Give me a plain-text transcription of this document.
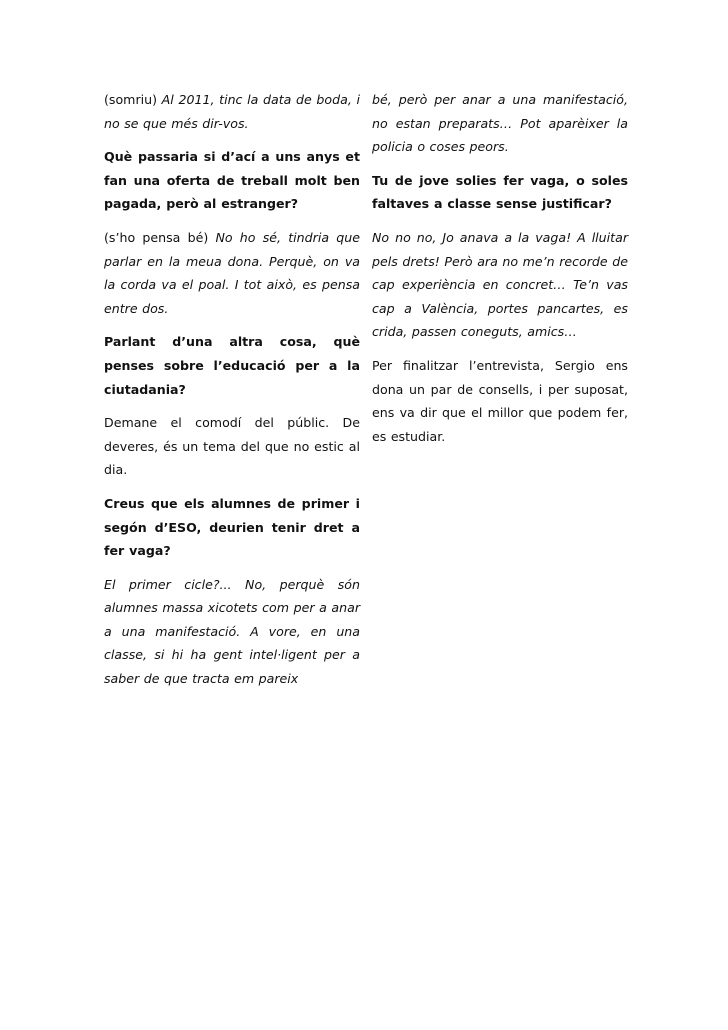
(somriu) Al 2011, tinc la data de boda, i no se que més dir-vos.

Què passaria si d’ací a uns anys et fan una oferta de treball molt ben pagada, però al estranger?

(s’ho pensa bé) No ho sé, tindria que parlar en la meua dona. Perquè, on va la corda va el poal. I tot això, es pensa entre dos.

Parlant d’una altra cosa, què penses sobre l’educació per a la ciutadania?

Demane el comodí del públic. De deveres, és un tema del que no estic al dia.

Creus que els alumnes de primer i segón d’ESO, deurien tenir dret a fer vaga?

El primer cicle?... No, perquè són alumnes massa xicotets com per a anar a una manifestació. A vore, en una classe, si hi ha gent intel·ligent per a saber de que tracta em pareix

bé, però per anar a una manifestació, no estan preparats… Pot aparèixer la policia o coses peors.

Tu de jove solies fer vaga, o soles faltaves a classe sense justificar?

No no no, Jo anava a la vaga! A lluitar pels drets! Però ara no me’n recorde de cap experiència en concret… Te’n vas cap a València, portes pancartes, es crida, passen coneguts, amics…

Per finalitzar l’entrevista, Sergio ens dona un par de consells, i per suposat, ens va dir que el millor que podem fer, es estudiar.
